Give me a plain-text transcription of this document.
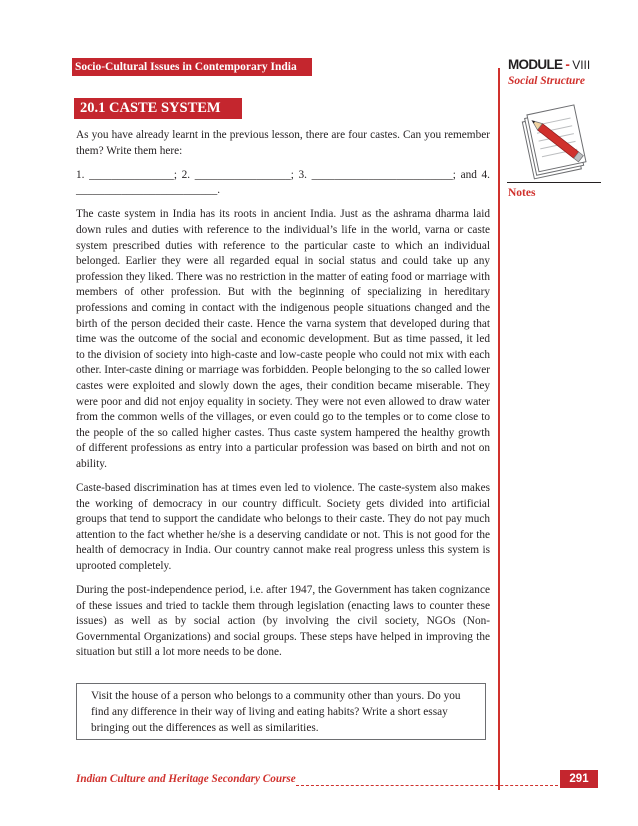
Socio-Cultural Issues in Contemporary India	MODULE - VIII
Social Structure
Notes
20.1 CASTE SYSTEM

As you have already learnt in the previous lesson, there are four castes. Can you remember them? Write them here:

1. _______________; 2. _________________; 3. _________________________; and 4. _________________________.

The caste system in India has its roots in ancient India. Just as the ashrama dharma laid down rules and duties with reference to the individual’s life in the world, varna or caste system prescribed duties with reference to the particular caste to which an individual belonged. Earlier they were all regarded equal in social status and could take up any profession they liked. There was no restriction in the matter of eating food or marriage with members of other profession. But with the beginning of specializing in hereditary professions and coming in contact with the indigenous people situations changed and the birth of the person decided their caste. Hence the varna system that developed during that time was the outcome of the social and economic development. But as time passed, it led to the division of society into high-caste and low-caste people who could not mix with each other. Inter-caste dining or marriage was forbidden. People belonging to the so called lower castes were exploited and slowly down the ages, their condition became miserable. They were poor and did not enjoy equality in society. They were not even allowed to draw water from the common wells of the villages, or even could go to the temples or to come close to the people of the so called higher castes. Thus caste system hampered the healthy growth of different professions as entry into a particular profession was based on birth and not on ability.

Caste-based discrimination has at times even led to violence. The caste-system also makes the working of democracy in our country difficult. Society gets divided into artificial groups that tend to support the candidate who belongs to their caste. They do not pay much attention to the fact whether he/she is a deserving candidate or not. This is not good for the health of democracy in India. Our country cannot make real progress unless this system is uprooted completely.

During the post-independence period, i.e. after 1947, the Government has taken cognizance of these issues and tried to tackle them through legislation (enacting laws to counter these issues) as well as by social action (by involving the civil society, NGOs (Non-Governmental Organizations) and social groups. These steps have helped in improving the situation but still a lot more needs to be done.

Visit the house of a person who belongs to a community other than yours. Do you find any difference in their way of living and eating habits? Write a short essay bringing out the differences as well as similarities.
Indian Culture and Heritage Secondary Course	291
